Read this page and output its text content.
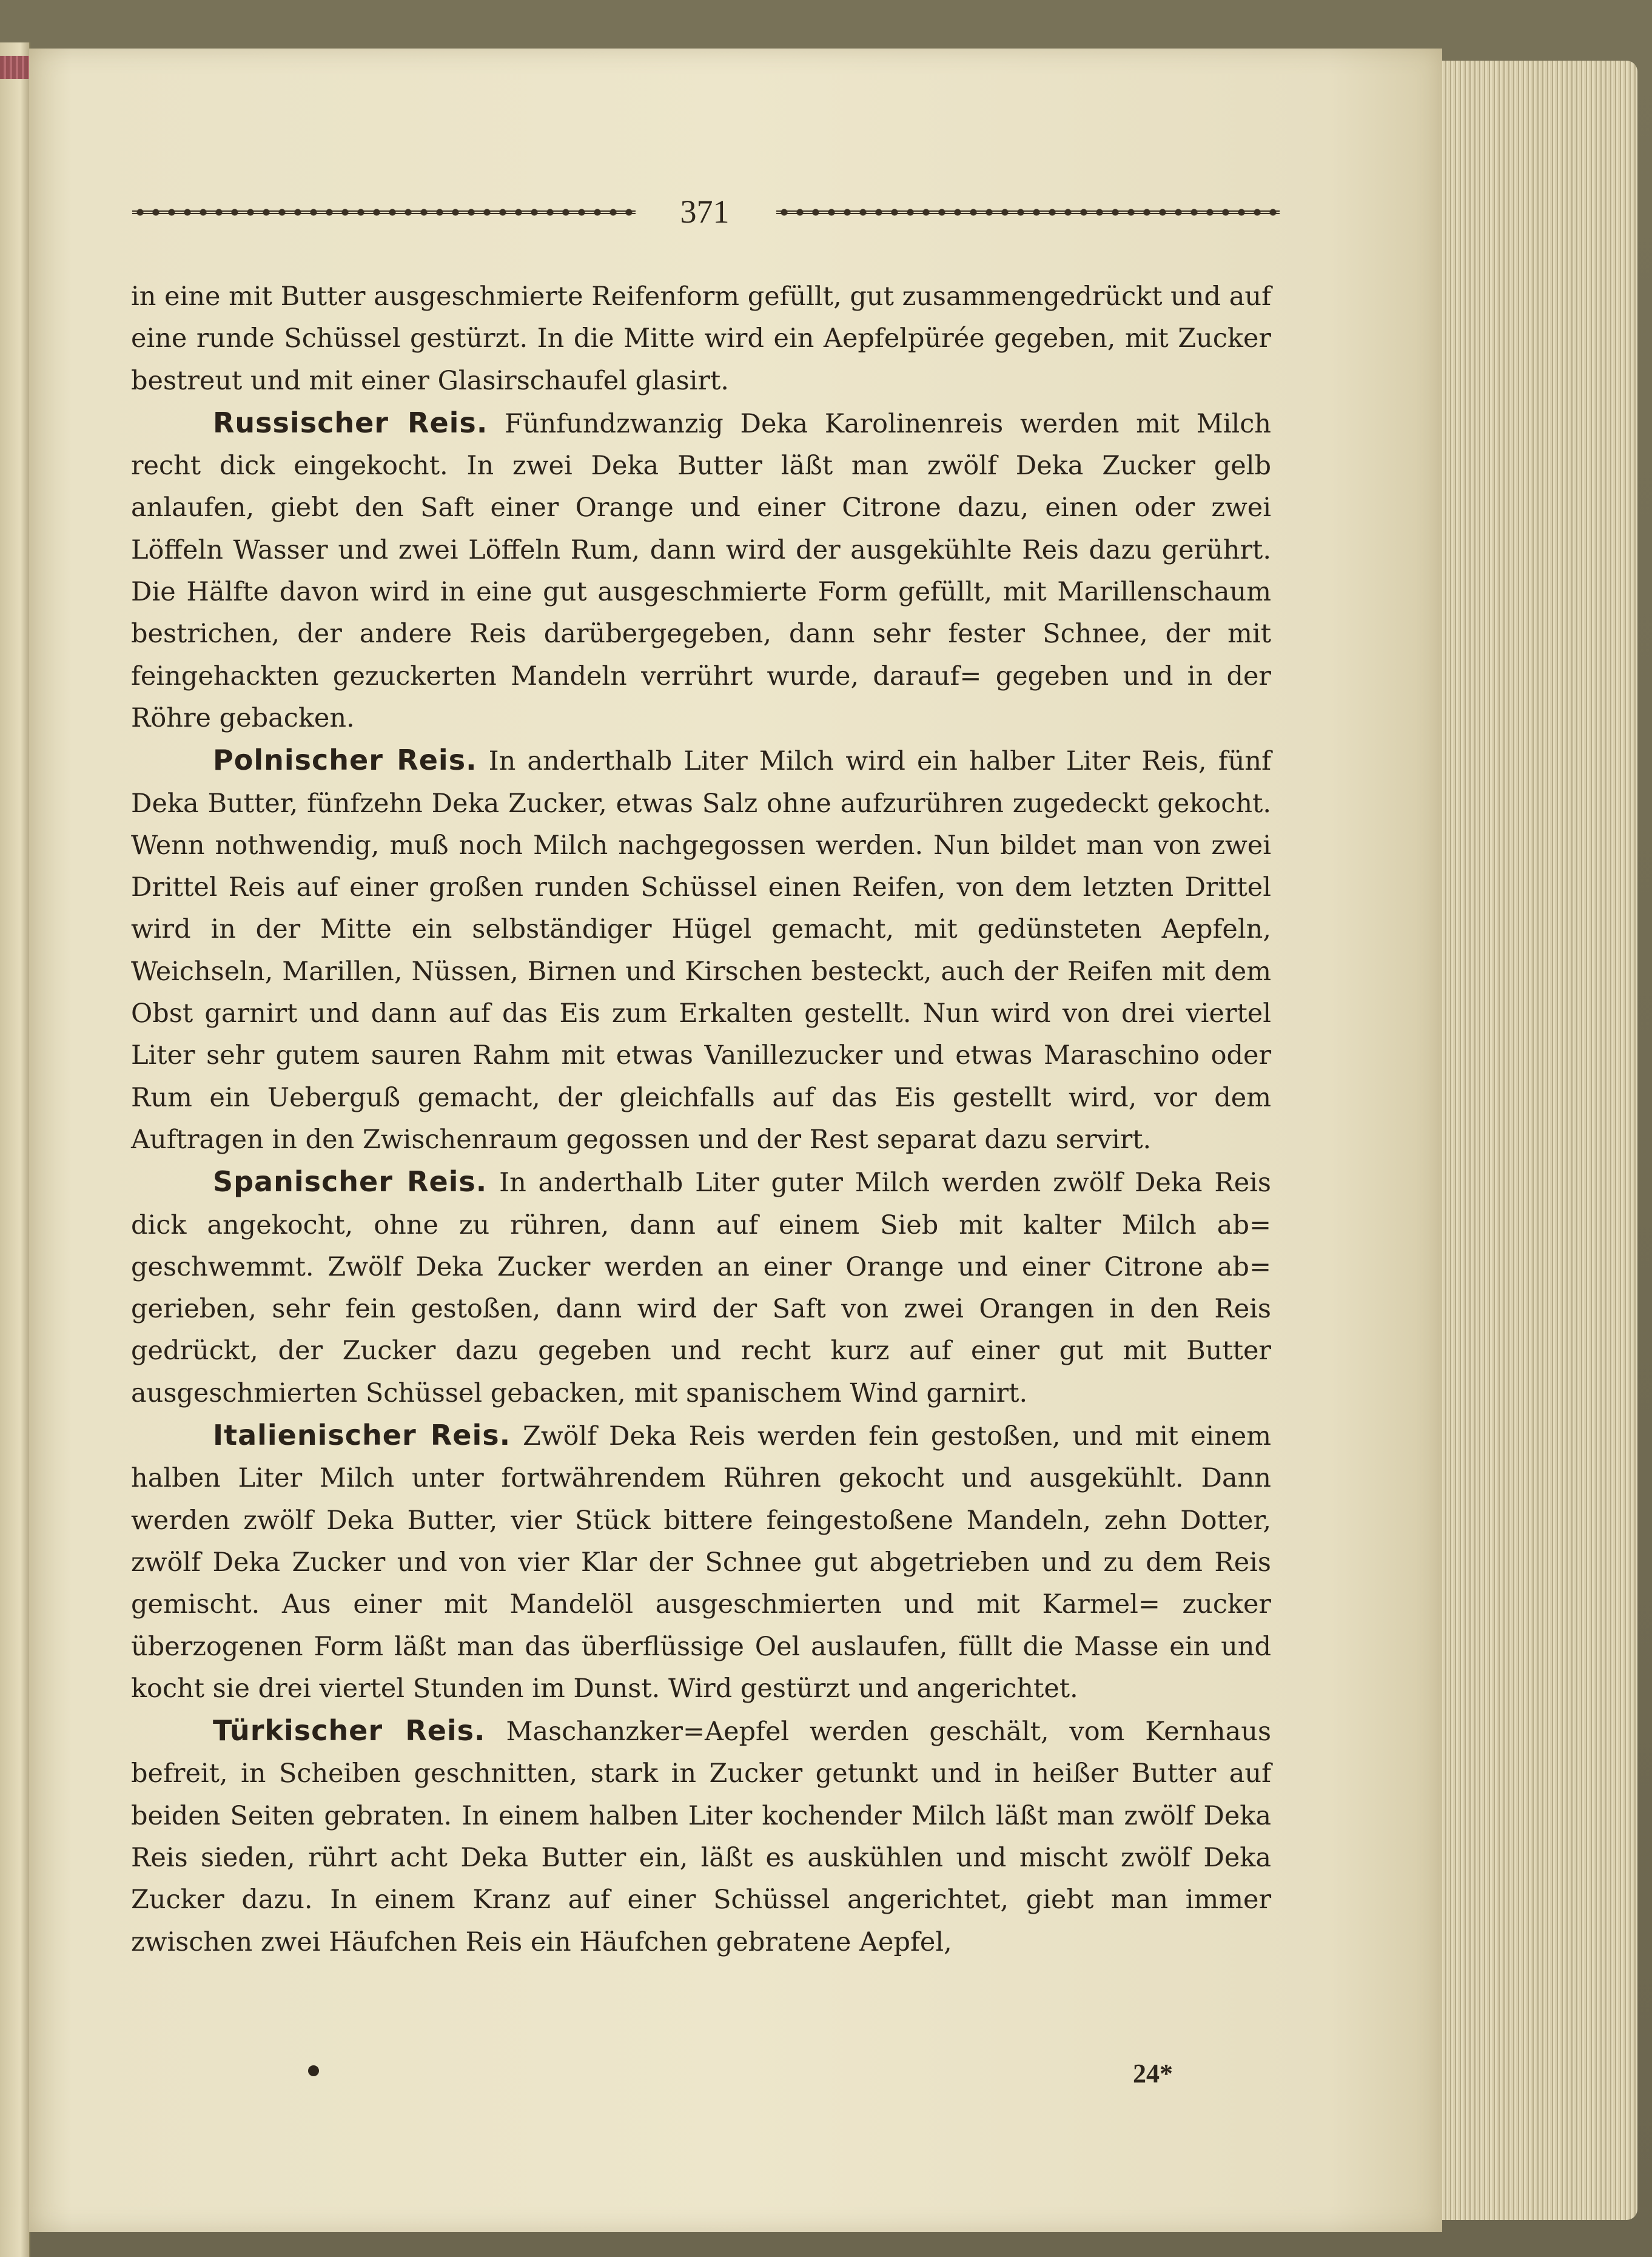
371

in eine mit Butter ausgeschmierte Reifenform gefüllt, gut zusammengedrückt und auf eine runde Schüssel gestürzt. In die Mitte wird ein Aepfelpürée gegeben, mit Zucker bestreut und mit einer Glasirschaufel glasirt.

Russischer Reis. Fünfundzwanzig Deka Karolinenreis werden mit Milch recht dick eingekocht. In zwei Deka Butter läßt man zwölf Deka Zucker gelb anlaufen, giebt den Saft einer Orange und einer Citrone dazu, einen oder zwei Löffeln Wasser und zwei Löffeln Rum, dann wird der ausgekühlte Reis dazu gerührt. Die Hälfte davon wird in eine gut ausgeschmierte Form gefüllt, mit Marillenschaum bestrichen, der andere Reis darübergegeben, dann sehr fester Schnee, der mit feingehackten gezuckerten Mandeln verrührt wurde, darauf= gegeben und in der Röhre gebacken.

Polnischer Reis. In anderthalb Liter Milch wird ein halber Liter Reis, fünf Deka Butter, fünfzehn Deka Zucker, etwas Salz ohne aufzurühren zugedeckt gekocht. Wenn nothwendig, muß noch Milch nachgegossen werden. Nun bildet man von zwei Drittel Reis auf einer großen runden Schüssel einen Reifen, von dem letzten Drittel wird in der Mitte ein selbständiger Hügel gemacht, mit gedünsteten Aepfeln, Weichseln, Marillen, Nüssen, Birnen und Kirschen besteckt, auch der Reifen mit dem Obst garnirt und dann auf das Eis zum Erkalten gestellt. Nun wird von drei viertel Liter sehr gutem sauren Rahm mit etwas Vanillezucker und etwas Maraschino oder Rum ein Ueberguß gemacht, der gleichfalls auf das Eis gestellt wird, vor dem Auftragen in den Zwischenraum gegossen und der Rest separat dazu servirt.

Spanischer Reis. In anderthalb Liter guter Milch werden zwölf Deka Reis dick angekocht, ohne zu rühren, dann auf einem Sieb mit kalter Milch ab= geschwemmt. Zwölf Deka Zucker werden an einer Orange und einer Citrone ab= gerieben, sehr fein gestoßen, dann wird der Saft von zwei Orangen in den Reis gedrückt, der Zucker dazu gegeben und recht kurz auf einer gut mit Butter ausgeschmierten Schüssel gebacken, mit spanischem Wind garnirt.

Italienischer Reis. Zwölf Deka Reis werden fein gestoßen, und mit einem halben Liter Milch unter fortwährendem Rühren gekocht und ausgekühlt. Dann werden zwölf Deka Butter, vier Stück bittere feingestoßene Mandeln, zehn Dotter, zwölf Deka Zucker und von vier Klar der Schnee gut abgetrieben und zu dem Reis gemischt. Aus einer mit Mandelöl ausgeschmierten und mit Karmel= zucker überzogenen Form läßt man das überflüssige Oel auslaufen, füllt die Masse ein und kocht sie drei viertel Stunden im Dunst. Wird gestürzt und angerichtet.

Türkischer Reis. Maschanzker=Aepfel werden geschält, vom Kernhaus befreit, in Scheiben geschnitten, stark in Zucker getunkt und in heißer Butter auf beiden Seiten gebraten. In einem halben Liter kochender Milch läßt man zwölf Deka Reis sieden, rührt acht Deka Butter ein, läßt es auskühlen und mischt zwölf Deka Zucker dazu. In einem Kranz auf einer Schüssel angerichtet, giebt man immer zwischen zwei Häufchen Reis ein Häufchen gebratene Aepfel,

24*
